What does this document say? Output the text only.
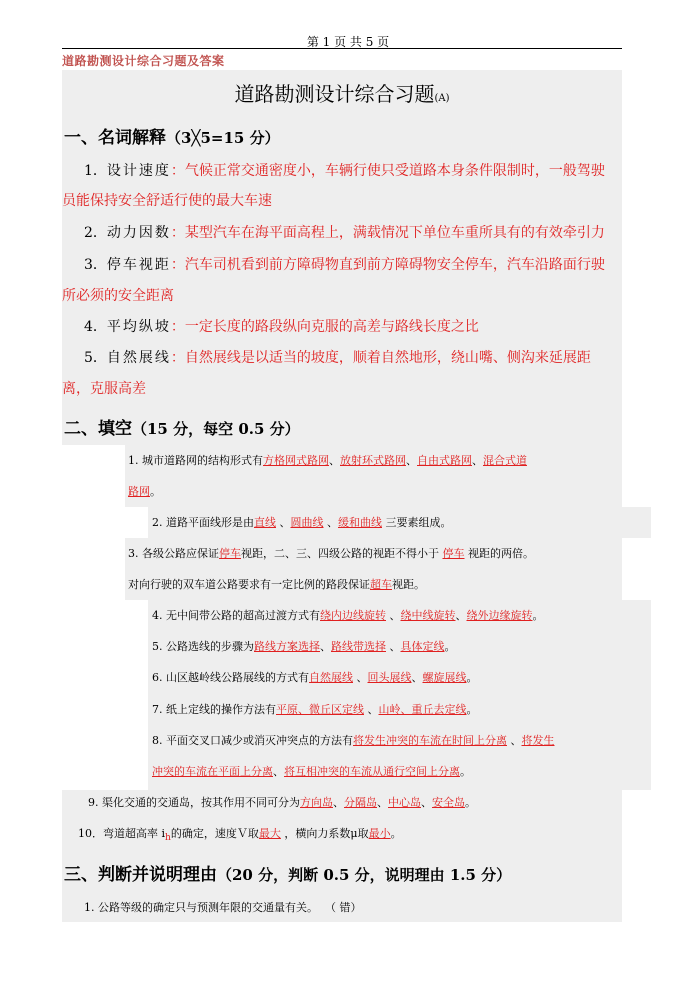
第 1 页 共 5 页
道路勘测设计综合习题及答案
道路勘测设计综合习题(A)
一、名词解释（3╳5=15 分）
1．设计速度：气候正常交通密度小，车辆行使只受道路本身条件限制时，一般驾驶
员能保持安全舒适行使的最大车速
2．动力因数：某型汽车在海平面高程上，满载情况下单位车重所具有的有效牵引力
3．停车视距：汽车司机看到前方障碍物直到前方障碍物安全停车，汽车沿路面行驶
所必须的安全距离
4．平均纵坡：一定长度的路段纵向克服的高差与路线长度之比
5．自然展线：自然展线是以适当的坡度，顺着自然地形，绕山嘴、侧沟来延展距
离，克服高差
二、填空（15 分，每空 0.5 分）
1. 城市道路网的结构形式有方格网式路网、放射环式路网、自由式路网、混合式道
路网。
2. 道路平面线形是由直线 、圆曲线 、缓和曲线 三要素组成。
3. 各级公路应保证停车视距，二、三、四级公路的视距不得小于 停车 视距的两倍。
对向行驶的双车道公路要求有一定比例的路段保证超车视距。
4. 无中间带公路的超高过渡方式有绕内边线旋转 、绕中线旋转、绕外边缘旋转。
5. 公路选线的步骤为路线方案选择、路线带选择 、具体定线。
6. 山区越岭线公路展线的方式有自然展线 、回头展线、螺旋展线。
7. 纸上定线的操作方法有平原、微丘区定线 、山岭、重丘去定线。
8. 平面交叉口减少或消灭冲突点的方法有将发生冲突的车流在时间上分离 、将发生
冲突的车流在平面上分离、将互相冲突的车流从通行空间上分离。
9. 渠化交通的交通岛，按其作用不同可分为方向岛、分隔岛、中心岛、安全岛。
10．弯道超高率 $i_h$的确定，速度Ｖ取最大 ，横向力系数μ取最小。
三、判断并说明理由（20 分，判断 0.5 分，说明理由 1.5 分）
1. 公路等级的确定只与预测年限的交通量有关。 （ 错）
